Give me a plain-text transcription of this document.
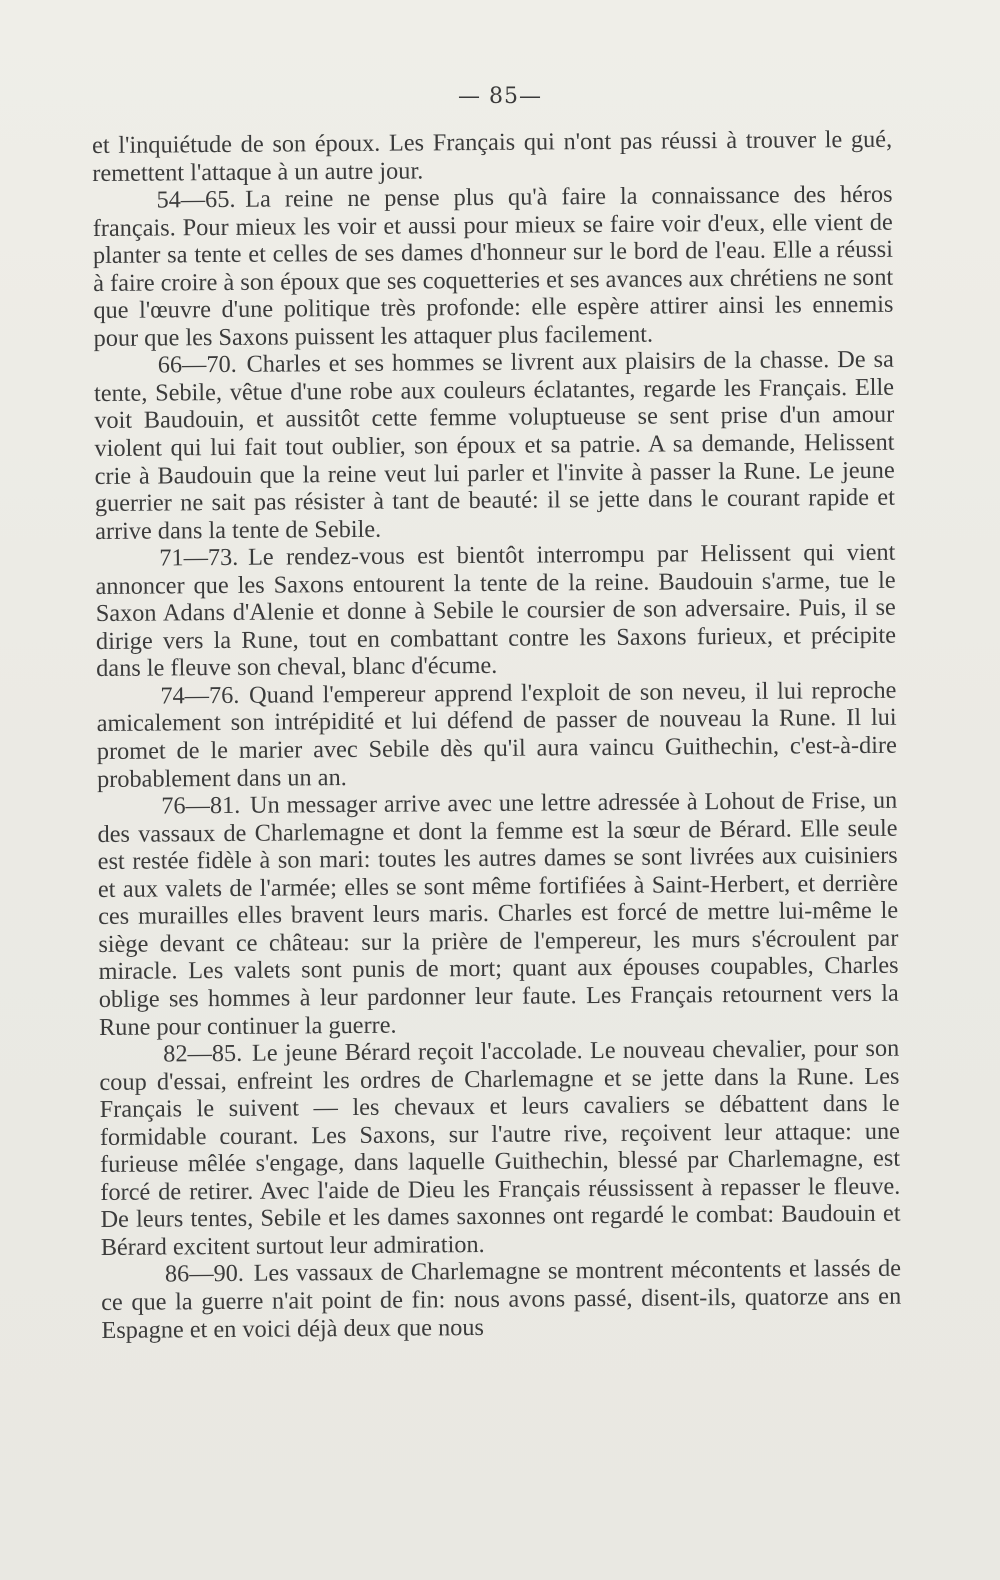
— 85—

et l'inquiétude de son époux. Les Français qui n'ont pas réussi à trouver le gué, remettent l'attaque à un autre jour.

54—65. La reine ne pense plus qu'à faire la connaissance des héros français. Pour mieux les voir et aussi pour mieux se faire voir d'eux, elle vient de planter sa tente et celles de ses dames d'honneur sur le bord de l'eau. Elle a réussi à faire croire à son époux que ses coquetteries et ses avances aux chrétiens ne sont que l'œuvre d'une politique très profonde: elle espère attirer ainsi les ennemis pour que les Saxons puissent les attaquer plus facilement.

66—70. Charles et ses hommes se livrent aux plaisirs de la chasse. De sa tente, Sebile, vêtue d'une robe aux couleurs éclatantes, regarde les Français. Elle voit Baudouin, et aussitôt cette femme voluptueuse se sent prise d'un amour violent qui lui fait tout oublier, son époux et sa patrie. A sa demande, Helissent crie à Baudouin que la reine veut lui parler et l'invite à passer la Rune. Le jeune guerrier ne sait pas résister à tant de beauté: il se jette dans le courant rapide et arrive dans la tente de Sebile.

71—73. Le rendez-vous est bientôt interrompu par Helissent qui vient annoncer que les Saxons entourent la tente de la reine. Baudouin s'arme, tue le Saxon Adans d'Alenie et donne à Sebile le coursier de son adversaire. Puis, il se dirige vers la Rune, tout en combattant contre les Saxons furieux, et précipite dans le fleuve son cheval, blanc d'écume.

74—76. Quand l'empereur apprend l'exploit de son neveu, il lui reproche amicalement son intrépidité et lui défend de passer de nouveau la Rune. Il lui promet de le marier avec Sebile dès qu'il aura vaincu Guithechin, c'est-à-dire probablement dans un an.

76—81. Un messager arrive avec une lettre adressée à Lohout de Frise, un des vassaux de Charlemagne et dont la femme est la sœur de Bérard. Elle seule est restée fidèle à son mari: toutes les autres dames se sont livrées aux cuisiniers et aux valets de l'armée; elles se sont même fortifiées à Saint-Herbert, et derrière ces murailles elles bravent leurs maris. Charles est forcé de mettre lui-même le siège devant ce château: sur la prière de l'empereur, les murs s'écroulent par miracle. Les valets sont punis de mort; quant aux épouses coupables, Charles oblige ses hommes à leur pardonner leur faute. Les Français retournent vers la Rune pour continuer la guerre.

82—85. Le jeune Bérard reçoit l'accolade. Le nouveau chevalier, pour son coup d'essai, enfreint les ordres de Charlemagne et se jette dans la Rune. Les Français le suivent — les chevaux et leurs cavaliers se débattent dans le formidable courant. Les Saxons, sur l'autre rive, reçoivent leur attaque: une furieuse mêlée s'engage, dans laquelle Guithechin, blessé par Charlemagne, est forcé de retirer. Avec l'aide de Dieu les Français réussissent à repasser le fleuve. De leurs tentes, Sebile et les dames saxonnes ont regardé le combat: Baudouin et Bérard excitent surtout leur admiration.

86—90. Les vassaux de Charlemagne se montrent mécontents et lassés de ce que la guerre n'ait point de fin: nous avons passé, disent-ils, quatorze ans en Espagne et en voici déjà deux que nous
